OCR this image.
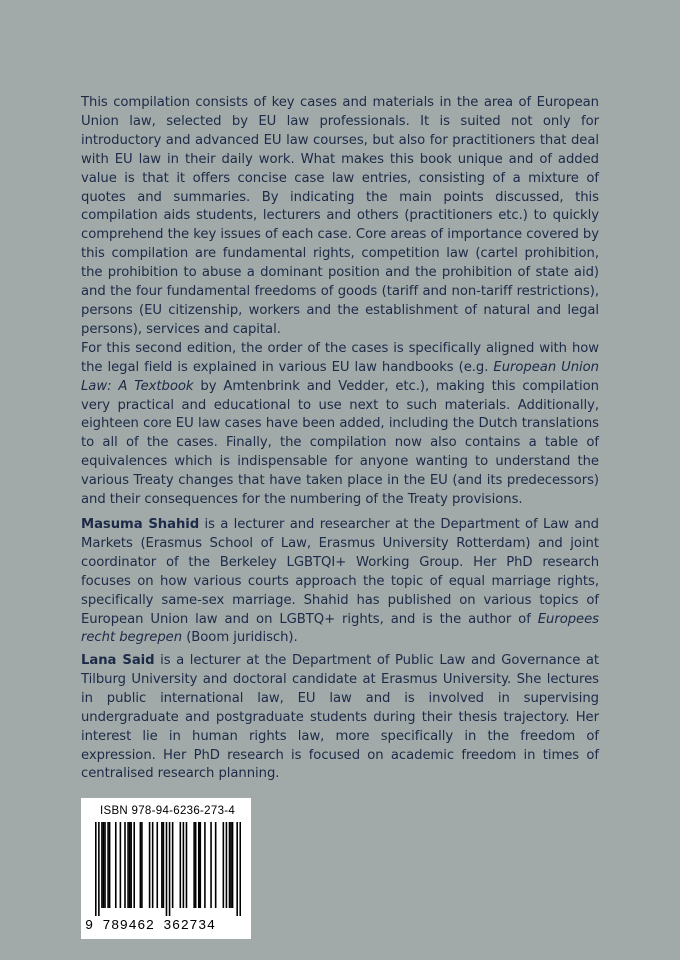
This compilation consists of key cases and materials in the area of European Union law, selected by EU law professionals. It is suited not only for introductory and advanced EU law courses, but also for practitioners that deal with EU law in their daily work. What makes this book unique and of added value is that it offers concise case law entries, consisting of a mixture of quotes and summaries. By indicating the main points discussed, this compilation aids students, lecturers and others (practitioners etc.) to quickly comprehend the key issues of each case. Core areas of importance covered by this compilation are fundamental rights, competition law (cartel prohibition, the prohibition to abuse a dominant position and the prohibition of state aid) and the four fundamental freedoms of goods (tariff and non-tariff restrictions), persons (EU citizenship, workers and the establishment of natural and legal persons), services and capital.

For this second edition, the order of the cases is specifically aligned with how the legal field is explained in various EU law handbooks (e.g. European Union Law: A Textbook by Amtenbrink and Vedder, etc.), making this compilation very practical and educational to use next to such materials. Additionally, eighteen core EU law cases have been added, including the Dutch translations to all of the cases. Finally, the compilation now also contains a table of equivalences which is indispensable for anyone wanting to understand the various Treaty changes that have taken place in the EU (and its predecessors) and their consequences for the numbering of the Treaty provisions.

Masuma Shahid is a lecturer and researcher at the Department of Law and Markets (Erasmus School of Law, Erasmus University Rotterdam) and joint coordinator of the Berkeley LGBTQI+ Working Group. Her PhD research focuses on how various courts approach the topic of equal marriage rights, specifically same-sex marriage. Shahid has published on various topics of European Union law and on LGBTQ+ rights, and is the author of Europees recht begrepen (Boom juridisch).

Lana Said is a lecturer at the Department of Public Law and Governance at Tilburg University and doctoral candidate at Erasmus University. She lectures in public international law, EU law and is involved in supervising undergraduate and postgraduate students during their thesis trajectory. Her interest lie in human rights law, more specifically in the freedom of expression. Her PhD research is focused on academic freedom in times of centralised research planning.

ISBN 978-94-6236-273-4
9 789462 362734
